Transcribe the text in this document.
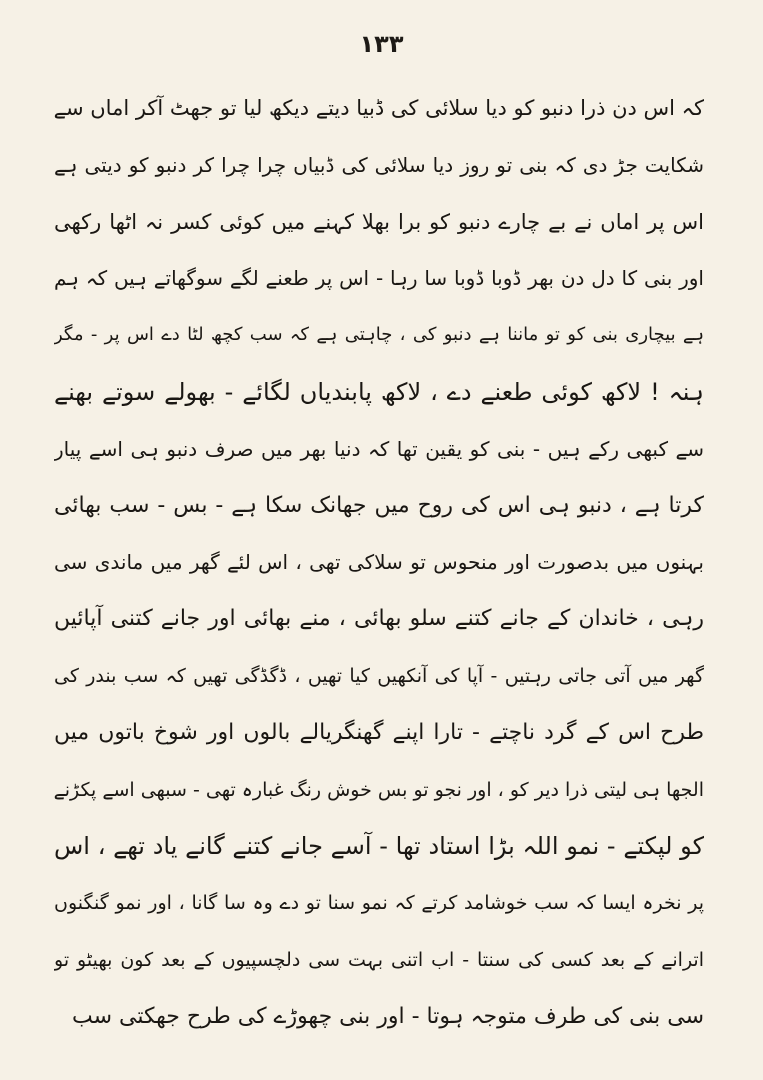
۱۳۳
کہ اس دن ذرا دنبو کو دیا سلائی کی ڈبیا دیتے دیکھ لیا تو جھٹ آکر اماں سے
شکایت جڑ دی کہ بنی تو روز دیا سلائی کی ڈبیاں چرا چرا کر دنبو کو دیتی ہے
اس پر اماں نے بے چارے دنبو کو برا بھلا کہنے میں کوئی کسر نہ اٹھا رکھی
اور بنی کا دل دن بھر ڈوبا ڈوبا سا رہا - اس پر طعنے لگے سوگھاتے ہیں کہ ہم
ہے بیچاری بنی کو تو ماننا ہے دنبو کی ، چاہتی ہے کہ سب کچھ لٹا دے اس پر - مگر
ہنہ ! لاکھ کوئی طعنے دے ، لاکھ پابندیاں لگائے - بھولے سوتے بھنے
سے کبھی رکے ہیں - بنی کو یقین تھا کہ دنیا بھر میں صرف دنبو ہی اسے پیار
کرتا ہے ، دنبو ہی اس کی روح میں جھانک سکا ہے - بس - سب بھائی
بہنوں میں بدصورت اور منحوس تو سلاکی تھی ، اس لئے گھر میں ماندی سی
رہی ، خاندان کے جانے کتنے سلو بھائی ، منے بھائی اور جانے کتنی آپائیں
گھر میں آتی جاتی رہتیں - آپا کی آنکھیں کیا تھیں ، ڈگڈگی تھیں کہ سب بندر کی
طرح اس کے گرد ناچتے - تارا اپنے گھنگریالے بالوں اور شوخ باتوں میں
الجھا ہی لیتی ذرا دیر کو ، اور نجو تو بس خوش رنگ غبارہ تھی - سبھی اسے پکڑنے
کو لپکتے - نمو اللہ بڑا استاد تھا - آسے جانے کتنے گانے یاد تھے ، اس
پر نخرہ ایسا کہ سب خوشامد کرتے کہ نمو سنا تو دے وہ سا گانا ، اور نمو گنگنوں
اترانے کے بعد کسی کی سنتا - اب اتنی بہت سی دلچسپیوں کے بعد کون بھیٹو تو
سی بنی کی طرف متوجہ ہوتا - اور بنی چھوڑے کی طرح جھکتی سب
